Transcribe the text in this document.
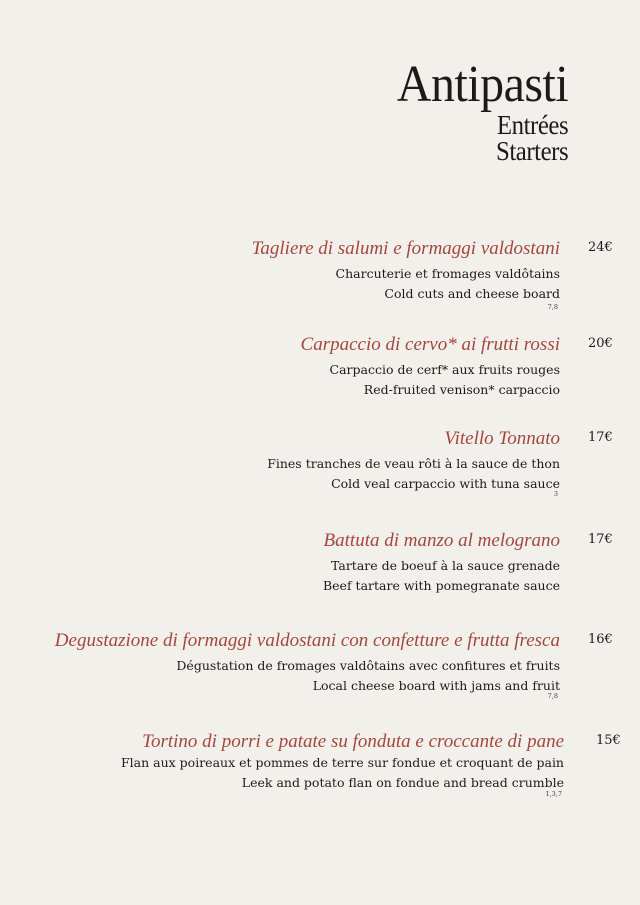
Antipasti
Entrées
Starters
Tagliere di salumi e formaggi valdostani 24€
Charcuterie et fromages valdôtains
Cold cuts and cheese board
7,8
Carpaccio di cervo* ai frutti rossi 20€
Carpaccio de cerf* aux fruits rouges
Red-fruited venison* carpaccio
Vitello Tonnato 17€
Fines tranches de veau rôti à la sauce de thon
Cold veal carpaccio with tuna sauce
3
Battuta di manzo al melograno 17€
Tartare de boeuf à la sauce grenade
Beef tartare with pomegranate sauce
Degustazione di formaggi valdostani con confetture e frutta fresca 16€
Dégustation de fromages valdôtains avec confitures et fruits
Local cheese board with jams and fruit
7,8
Tortino di porri e patate su fonduta e croccante di pane 15€
Flan aux poireaux et pommes de terre sur fondue et croquant de pain
Leek and potato flan on fondue and bread crumble
1,3,7
